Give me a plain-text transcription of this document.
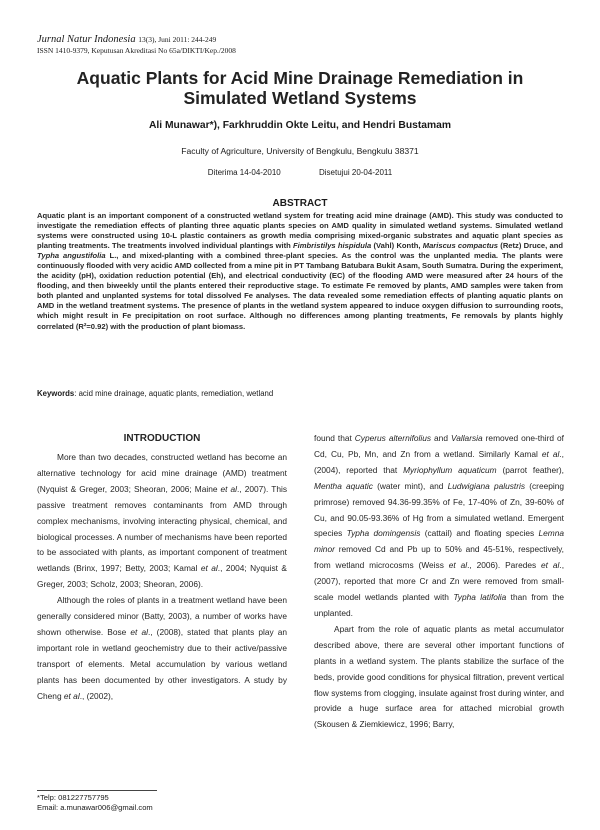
Jurnal Natur Indonesia 13(3), Juni 2011: 244-249
ISSN 1410-9379, Keputusan Akreditasi No 65a/DIKTI/Kep./2008
Aquatic Plants for Acid Mine Drainage Remediation in Simulated Wetland Systems
Ali Munawar*), Farkhruddin Okte Leitu, and Hendri Bustamam
Faculty of Agriculture, University of Bengkulu, Bengkulu 38371
Diterima 14-04-2010	Disetujui 20-04-2011
ABSTRACT
Aquatic plant is an important component of a constructed wetland system for treating acid mine drainage (AMD). This study was conducted to investigate the remediation effects of planting three aquatic plants species on AMD quality in simulated wetland systems. Simulated wetland systems were constructed using 10-L plastic containers as growth media comprising mixed-organic substrates and aquatic plant species as planting treatments. The treatments involved individual plantings with Fimbristilys hispidula (Vahl) Konth, Mariscus compactus (Retz) Druce, and Typha angustifolia L., and mixed-planting with a combined three-plant species. As the control was the unplanted media. The plants were continuously flooded with very acidic AMD collected from a mine pit in PT Tambang Batubara Bukit Asam, South Sumatra. During the experiment, the acidity (pH), oxidation reduction potential (Eh), and electrical conductivity (EC) of the flooding AMD were measured after 24 hours of the flooding, and then biweekly until the plants entered their reproductive stage. To estimate Fe removed by plants, AMD samples were taken from both planted and unplanted systems for total dissolved Fe analyses. The data revealed some remediation effects of planting aquatic plants on AMD in the wetland treatment systems. The presence of plants in the wetland system appeared to induce oxygen diffusion to surrounding roots, which might result in Fe precipitation on root surface. Although no differences among planting treatments, Fe removals by plants highly correlated (R²=0.92) with the production of plant biomass.
Keywords: acid mine drainage, aquatic plants, remediation, wetland
INTRODUCTION

More than two decades, constructed wetland has become an alternative technology for acid mine drainage (AMD) treatment (Nyquist & Greger, 2003; Sheoran, 2006; Maine et al., 2007). This passive treatment removes contaminants from AMD through complex mechanisms, involving interacting physical, chemical, and biological processes. A number of mechanisms have been reported to be associated with plants, as important component of treatment wetlands (Brinx, 1997; Betty, 2003; Kamal et al., 2004; Nyquist & Greger, 2003; Scholz, 2003; Sheoran, 2006).

Although the roles of plants in a treatment wetland have been generally considered minor (Batty, 2003), a number of works have shown otherwise. Bose et al., (2008), stated that plants play an important role in wetland geochemistry due to their active/passive transport of elements. Metal accumulation by various wetland plants has been documented by other investigators. A study by Cheng et al., (2002),

found that Cyperus alternifolius and Vallarsia removed one-third of Cd, Cu, Pb, Mn, and Zn from a wetland. Similarly Kamal et al., (2004), reported that Myriophyllum aquaticum (parrot feather), Mentha aquatic (water mint), and Ludwigiana palustris (creeping primrose) removed 94.36-99.35% of Fe, 17-40% of Zn, 39-60% of Cu, and 90.05-93.36% of Hg from a simulated wetland. Emergent species Typha domingensis (cattail) and floating species Lemna minor removed Cd and Pb up to 50% and 45-51%, respectively, from wetland microcosms (Weiss et al., 2006). Paredes et al., (2007), reported that more Cr and Zn were removed from small-scale model wetlands planted with Typha latifolia than from the unplanted.

Apart from the role of aquatic plants as metal accumulator described above, there are several other important functions of plants in a wetland system. The plants stabilize the surface of the beds, provide good conditions for physical filtration, prevent vertical flow systems from clogging, insulate against frost during winter, and provide a huge surface area for attached microbial growth (Skousen & Ziemkiewicz, 1996; Barry,

*Telp: 081227757795
Email: a.munawar006@gmail.com
